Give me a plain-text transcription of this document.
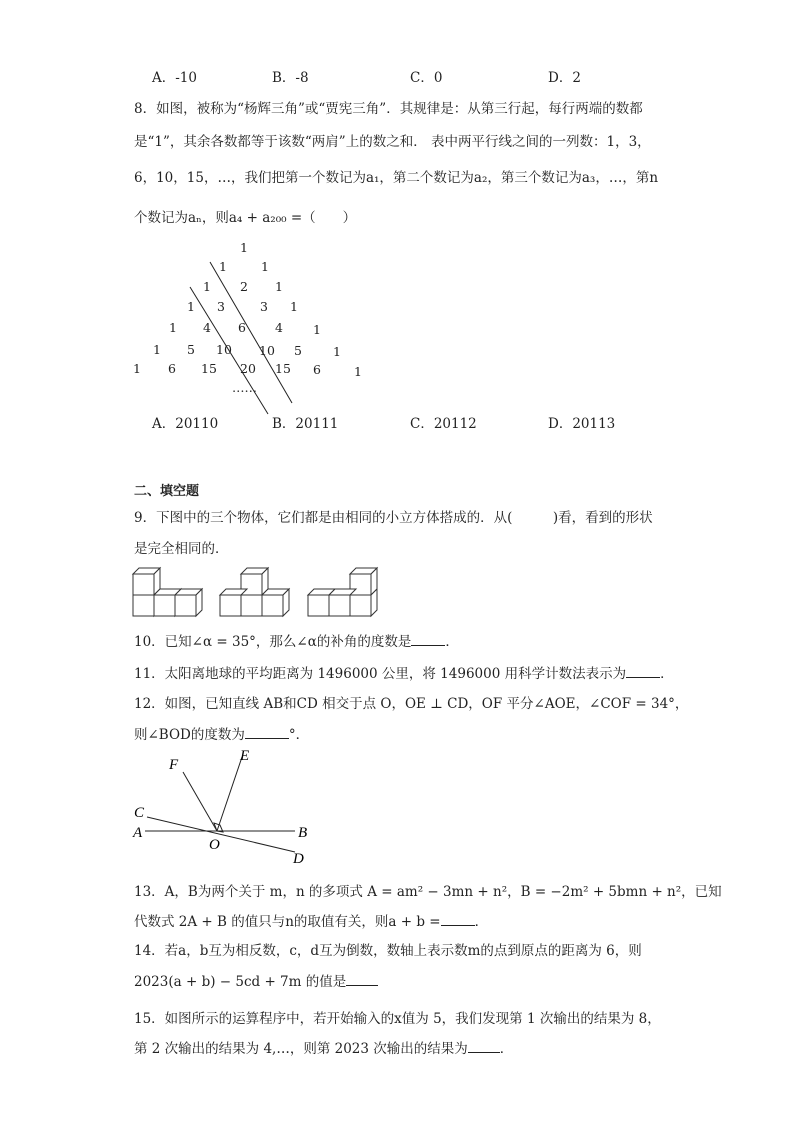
A．-10	B．-8	C．0	D．2
8．如图，被称为“杨辉三角”或“贾宪三角”．其规律是：从第三行起，每行两端的数都
是“1”，其余各数都等于该数“两肩”上的数之和． 表中两平行线之间的一列数：1，3，
6，10，15，…，我们把第一个数记为a₁，第二个数记为a₂，第三个数记为a₃，…，第n
个数记为aₙ，则a₄ + a₂₀₀ =（　　）
1
1	1
1 2 1
1 3	3 1
1 4 6 4 1
1 5 10 10 5 1
1 6 15 20 15 6	1
……
A．20110	B．20111	C．20112	D．20113
二、填空题
9．下图中的三个物体，它们都是由相同的小立方体搭成的．从(　　　)看，看到的形状
是完全相同的．
10．已知∠α = 35°，那么∠α的补角的度数是	．
11．太阳离地球的平均距离为 1496000 公里，将 1496000 用科学计数法表示为	．
12．如图，已知直线 AB和CD 相交于点 O，OE ⊥ CD，OF 平分∠AOE，∠COF = 34°，
则∠BOD的度数为	°．
F
E
C
A
O
B
D
13．A，B为两个关于 m，n 的多项式 A = am² − 3mn + n²，B = −2m² + 5bmn + n²，已知
代数式 2A + B 的值只与n的取值有关，则a + b =	．
14．若a，b互为相反数，c，d互为倒数，数轴上表示数m的点到原点的距离为 6，则
2023(a + b) − 5cd + 7m 的值是
15．如图所示的运算程序中，若开始输入的x值为 5，我们发现第 1 次输出的结果为 8，
第 2 次输出的结果为 4,…，则第 2023 次输出的结果为 ．
